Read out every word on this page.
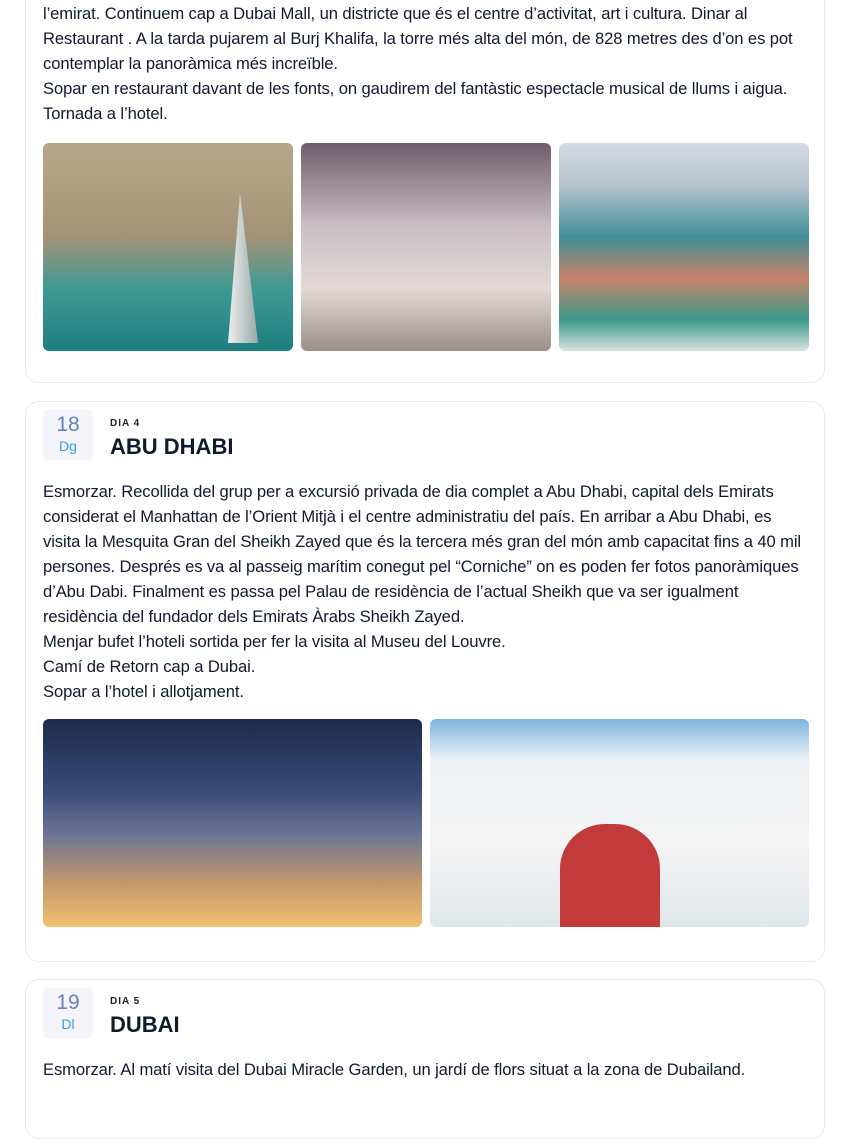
l’emirat. Continuem cap a Dubai Mall, un districte que és el centre d’activitat, art i cultura. Dinar al Restaurant . A la tarda pujarem al Burj Khalifa, la torre més alta del món, de 828 metres des d’on es pot contemplar la panoràmica més increïble.

Sopar en restaurant davant de les fonts, on gaudirem del fantàstic espectacle musical de llums i aigua. Tornada a l’hotel.

18
Dg
DIA 4
ABU DHABI

Esmorzar. Recollida del grup per a excursió privada de dia complet a Abu Dhabi, capital dels Emirats considerat el Manhattan de l’Orient Mitjà i el centre administratiu del país. En arribar a Abu Dhabi, es visita la Mesquita Gran del Sheikh Zayed que és la tercera més gran del món amb capacitat fins a 40 mil persones. Després es va al passeig marítim conegut pel “Corniche” on es poden fer fotos panoràmiques d’Abu Dabi. Finalment es passa pel Palau de residència de l’actual Sheikh que va ser igualment residència del fundador dels Emirats Àrabs Sheikh Zayed.

Menjar bufet l’hoteli sortida per fer la visita al Museu del Louvre.

Camí de Retorn cap a Dubai.

Sopar a l’hotel i allotjament.

19
Dl
DIA 5
DUBAI

Esmorzar. Al matí visita del Dubai Miracle Garden, un jardí de flors situat a la zona de Dubailand.
